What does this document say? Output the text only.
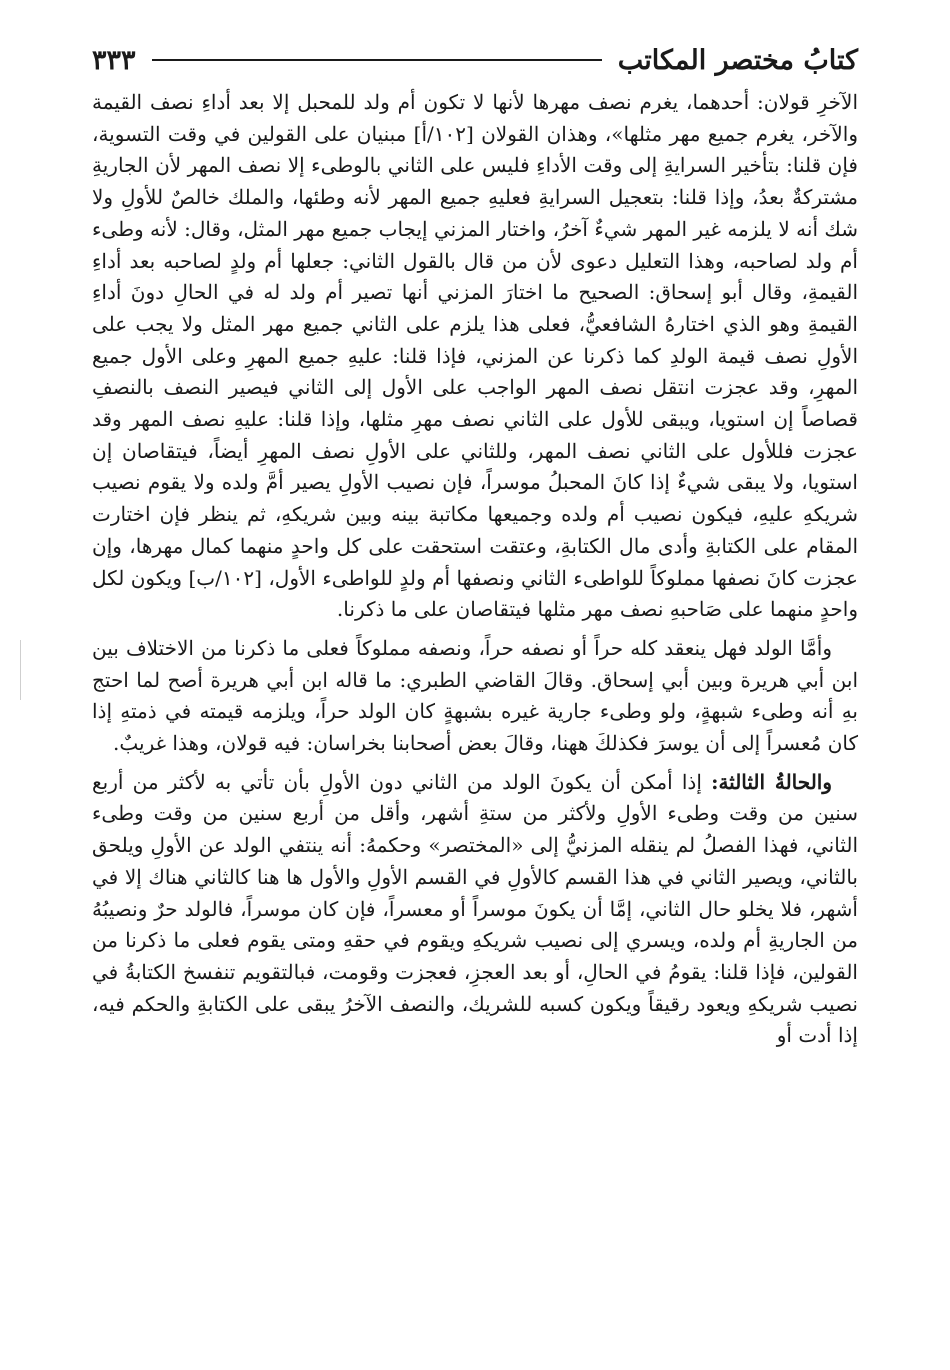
كتابُ مختصر المكاتب
٣٣٣

الآخرِ قولان: أحدهما، يغرم نصف مهرها لأنها لا تكون أم ولد للمحبل إلا بعد أداءِ نصف القيمة والآخر، يغرم جميع مهر مثلها»، وهذان القولان [١٠٢/أ] مبنيان على القولين في وقت التسوية، فإن قلنا: بتأخير السرايةِ إلى وقت الأداءِ فليس على الثاني بالوطىء إلا نصف المهر لأن الجاريةِ مشتركةٌ بعدُ، وإذا قلنا: بتعجيل السرايةِ فعليهِ جميع المهر لأنه وطئها، والملك خالصٌ للأولِ ولا شك أنه لا يلزمه غير المهر شيءٌ آخرُ، واختار المزني إيجاب جميع مهر المثل، وقال: لأنه وطىء أم ولد لصاحبه، وهذا التعليل دعوى لأن من قال بالقول الثاني: جعلها أم ولدٍ لصاحبه بعد أداءِ القيمةِ، وقال أبو إسحاق: الصحيح ما اختارَ المزني أنها تصير أم ولد له في الحالِ دونَ أداءِ القيمةِ وهو الذي اختارهُ الشافعيُّ، فعلى هذا يلزم على الثاني جميع مهر المثل ولا يجب على الأولِ نصف قيمة الولدِ كما ذكرنا عن المزني، فإذا قلنا: عليهِ جميع المهرِ وعلى الأول جميع المهرِ، وقد عجزت انتقل نصف المهر الواجب على الأول إلى الثاني فيصير النصف بالنصفِ قصاصاً إن استويا، ويبقى للأول على الثاني نصف مهرِ مثلها، وإذا قلنا: عليهِ نصف المهر وقد عجزت فللأول على الثاني نصف المهر، وللثاني على الأولِ نصف المهرِ أيضاً، فيتقاصان إن استويا، ولا يبقى شيءٌ إذا كانَ المحبلُ موسراً، فإن نصيب الأولِ يصير أمَّ ولده ولا يقوم نصيب شريكهِ عليهِ، فيكون نصيب أم ولده وجميعها مكاتبة بينه وبين شريكهِ، ثم ينظر فإن اختارت المقام على الكتابةِ وأدى مال الكتابةِ، وعتقت استحقت على كل واحدٍ منهما كمال مهرها، وإن عجزت كانَ نصفها مملوكاً للواطىء الثاني ونصفها أم ولدٍ للواطىء الأول، [١٠٢/ب] ويكون لكل واحدٍ منهما على صَاحبهِ نصف مهر مثلها فيتقاصان على ما ذكرنا.

وأمَّا الولد فهل ينعقد كله حراً أو نصفه حراً، ونصفه مملوكاً فعلى ما ذكرنا من الاختلاف بين ابن أبي هريرة وبين أبي إسحاق. وقالَ القاضي الطبري: ما قاله ابن أبي هريرة أصح لما احتج بهِ أنه وطىء شبهةٍ، ولو وطىء جارية غيره بشبهةٍ كان الولد حراً، ويلزمه قيمته في ذمتهِ إذا كان مُعسراً إلى أن يوسرَ فكذلكَ ههنا، وقالَ بعض أصحابنا بخراسان: فيه قولان، وهذا غريبٌ.

والحالةُ الثالثة: إذا أمكن أن يكونَ الولد من الثاني دون الأولِ بأن تأتي به لأكثر من أربع سنين من وقت وطىء الأولِ ولأكثر من ستةِ أشهر، وأقل من أربع سنين من وقت وطىء الثاني، فهذا الفصلُ لم ينقله المزنيُّ إلى «المختصر» وحكمهُ: أنه ينتفي الولد عن الأولِ ويلحق بالثاني، ويصير الثاني في هذا القسم كالأولِ في القسم الأولِ والأول ها هنا كالثاني هناك إلا في أشهر، فلا يخلو حال الثاني، إمَّا أن يكونَ موسراً أو معسراً، فإن كان موسراً، فالولد حرٌ ونصيبُهُ من الجاريةِ أم ولده، ويسري إلى نصيب شريكهِ ويقوم في حقهِ ومتى يقوم فعلى ما ذكرنا من القولين، فإذا قلنا: يقومُ في الحالِ، أو بعد العجزِ، فعجزت وقومت، فبالتقويم تنفسخ الكتابةُ في نصيب شريكهِ ويعود رقيقاً ويكون كسبه للشريك، والنصف الآخرُ يبقى على الكتابةِ والحكم فيه، إذا أدت أو
